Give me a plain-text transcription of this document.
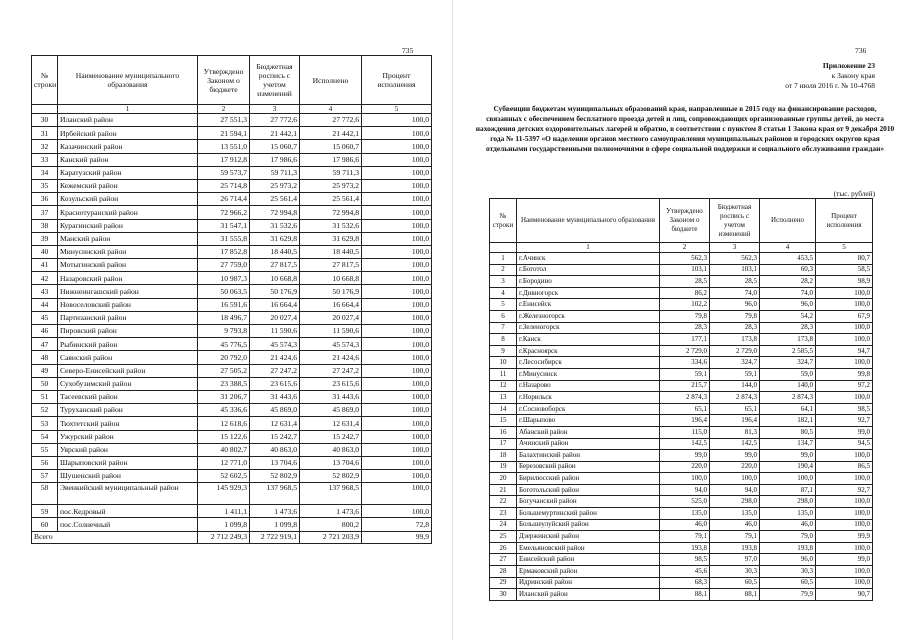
735
№ строки	Наименование муниципального образования	Утверждено Законом о бюджете	Бюджетная роспись с учетом изменений	Исполнено	Процент исполнения
	1	2	3	4	5
30	Иланский район	27 551,3	27 772,6	27 772,6	100,0
31	Ирбейский район	21 594,1	21 442,1	21 442,1	100,0
32	Казачинский район	13 551,0	15 060,7	15 060,7	100,0
33	Канский район	17 912,8	17 986,6	17 986,6	100,0
34	Каратузский район	59 573,7	59 711,3	59 711,3	100,0
35	Кежемский район	25 714,8	25 973,2	25 973,2	100,0
36	Козульский район	26 714,4	25 561,4	25 561,4	100,0
37	Краснотуранский район	72 966,2	72 994,8	72 994,8	100,0
38	Курагинский район	31 547,1	31 532,6	31 532,6	100,0
39	Манский район	31 555,8	31 629,8	31 629,8	100,0
40	Минусинский район	17 852,8	18 440,5	18 440,5	100,0
41	Мотыгинский район	27 759,0	27 817,5	27 817,5	100,0
42	Назаровский район	10 987,3	10 668,8	10 668,8	100,0
43	Нижнеингашский район	50 063,5	50 176,9	50 176,9	100,0
44	Новоселовский район	16 591,6	16 664,4	16 664,4	100,0
45	Партизанский район	18 496,7	20 027,4	20 027,4	100,0
46	Пировский район	9 793,8	11 590,6	11 590,6	100,0
47	Рыбинский район	45 776,5	45 574,3	45 574,3	100,0
48	Саянский район	20 792,0	21 424,6	21 424,6	100,0
49	Северо-Енисейский район	27 505,2	27 247,2	27 247,2	100,0
50	Сухобузимский район	23 388,5	23 615,6	23 615,6	100,0
51	Тасеевский район	31 206,7	31 443,6	31 443,6	100,0
52	Туруханский район	45 336,6	45 869,0	45 869,0	100,0
53	Тюхтетский район	12 618,6	12 631,4	12 631,4	100,0
54	Ужурский район	15 122,6	15 242,7	15 242,7	100,0
55	Уярский район	40 802,7	40 863,0	40 863,0	100,0
56	Шарыповский район	12 771,0	13 704,6	13 704,6	100,0
57	Шушенский район	52 602,5	52 802,9	52 802,9	100,0
58	Эвенкийский муниципальный район	145 929,3	137 968,5	137 968,5	100,0
59	пос.Кедровый	1 411,1	1 473,6	1 473,6	100,0
60	пос.Солнечный	1 099,8	1 099,8	800,2	72,8
Всего		2 712 249,3	2 722 919,1	2 721 203,9	99,9
736
Приложение 23
к Закону края
от 7 июля 2016 г. № 10-4768
Субвенции бюджетам муниципальных образований края, направленные в 2015 году на финансирование расходов, связанных с обеспечением бесплатного проезда детей и лиц, сопровождающих организованные группы детей, до места нахождения детских оздоровительных лагерей и обратно, в соответствии с пунктом 8 статьи 1 Закона края от 9 декабря 2010 года № 11-5397 «О наделении органов местного самоуправления муниципальных районов и городских округов края отдельными государственными полномочиями в сфере социальной поддержки и социального обслуживания граждан»
(тыс. рублей)
№ строки	Наименование муниципального образования	Утверждено Законом о бюджете	Бюджетная роспись с учетом изменений	Исполнено	Процент исполнения
	1	2	3	4	5
1	г.Ачинск	562,3	562,3	453,5	80,7
2	г.Боготол	103,1	103,1	60,3	58,5
3	г.Бородино	28,5	28,5	28,2	98,9
4	г.Дивногорск	86,2	74,0	74,0	100,0
5	г.Енисейск	102,2	96,0	96,0	100,0
6	г.Железногорск	79,8	79,8	54,2	67,9
7	г.Зеленогорск	28,3	28,3	28,3	100,0
8	г.Канск	177,1	173,8	173,8	100,0
9	г.Красноярск	2 729,0	2 729,0	2 585,5	94,7
10	г.Лесосибирск	334,6	324,7	324,7	100,0
11	г.Минусинск	59,1	59,1	59,0	99,8
12	г.Назарово	215,7	144,0	140,0	97,2
13	г.Норильск	2 874,3	2 874,3	2 874,3	100,0
14	г.Сосновоборск	65,1	65,1	64,1	98,5
15	г.Шарыпово	196,4	196,4	182,1	92,7
16	Абанский район	115,0	81,3	80,5	99,0
17	Ачинский район	142,5	142,5	134,7	94,5
18	Балахтинский район	99,0	99,0	99,0	100,0
19	Березовский район	220,0	220,0	190,4	86,5
20	Бирилюсский район	100,0	100,0	100,0	100,0
21	Боготольский район	94,0	94,0	87,1	92,7
22	Богучанский район	525,0	298,0	298,0	100,0
23	Большемуртинский район	135,0	135,0	135,0	100,0
24	Большеулуйский район	46,0	46,0	46,0	100,0
25	Дзержинский район	79,1	79,1	79,0	99,9
26	Емельяновский район	193,8	193,8	193,8	100,0
27	Енисейский район	98,5	97,0	96,0	99,0
28	Ермаковский район	45,6	30,3	30,3	100,0
29	Идринский район	68,3	60,5	60,5	100,0
30	Иланский район	88,1	88,1	79,9	90,7
